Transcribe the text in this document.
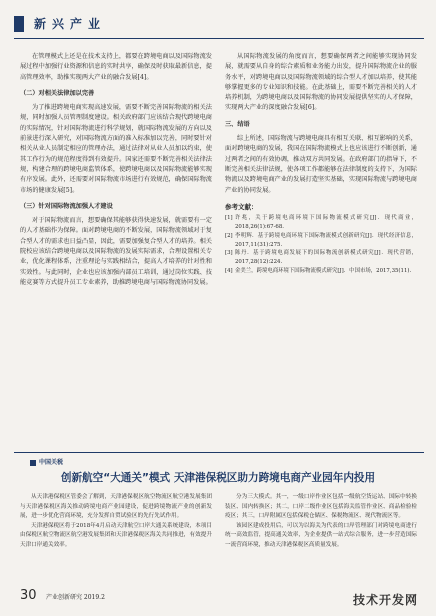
新兴产业

在管理模式上还是在技术支持上，都要在跨境电商以及国际物流发展过程中加强行业资源和信息的实时共享，确保及时获取最新信息，提高管理效率，助推实现两大产业的融合发展[4]。

（二）对相关法律加以完善

为了推进跨境电商实现高速发展，需要不断完善国际物流的相关法规，同时加强人员管理制度建设。相关政府部门应该结合现代跨境电商的实际情况，针对国际物流进行科学规划，就国际物流发展的方向以及前景进行深入研究，对国际物流方面的准入标准加以完善，同时要针对相关从业人员制定相应的管理办法，通过法律对从业人员加以约束，使其工作行为的规范程度得到有效提升。国家还需要不断完善相关法律法规，构建合理的跨境电商监管体系，使跨境电商以及国际物流能够实现有序发展。此外，还需要对国际物流市场进行有效规范，确保国际物流市场的健康发展[5]。

（三）针对国际物流加强人才建设

对于国际物流而言，想要确保其能够获得快速发展，就需要有一定的人才基础作为保障。面对跨境电商的不断发展，国际物流领域对于复合型人才的需求也日益凸显，因此，需要加强复合型人才的培养。相关院校应该结合跨境电商以及国际物流的发展实际需求，合理设置相关专业，优化课程体系，注重理论与实践相结合，提高人才培养的针对性和实效性。与此同时，企业也应该加强内部员工培训，通过岗位实践、技能竞赛等方式提升员工专业素养，助推跨境电商与国际物流协同发展。

从国际物流发展的角度而言，想要确保两者之间能够实现协同发展，就需要从自身的综合素质和业务能力出发，提升国际物流企业的服务水平，对跨境电商以及国际物流领域的综合型人才加以培养，使其能够掌握更多的专业知识和技能。在此基础上，需要不断完善相关的人才培养机制，为跨境电商以及国际物流的协同发展提供坚实的人才保障，实现两大产业的深度融合发展[6]。

三、结语

综上所述，国际物流与跨境电商具有相互关联、相互影响的关系，面对跨境电商的发展，我国在国际物流模式上也应该进行不断创新，通过两者之间的有效协调，推动双方共同发展。在政府部门的指导下，不断完善相关法律法规，使各项工作都能够在法律制度的支持下，为国际物流以及跨境电商产业的发展打造坚实基础，实现国际物流与跨境电商产业的协同发展。

参考文献：
[1] 许兆，关于跨境电商环境下国际物流模式研究[J]．现代商业，2018,26(1):67-68.
[2] 李明辉．基于跨境电商环境下国际物流模式创新研究[J]．现代经济信息，2017,11(31):275.
[3] 陈丹．基于跨境电商发展下的国际物流创新模式研究[J]．现代营销，2017,28(12):224.
[4] 金美兰，跨境电商环境下国际物流模式研究[J]．中国市场，2017,35(11).
中国关税
创新航空“大通关”模式 天津港保税区助力跨境电商产业园年内投用

从天津港保税区管委会了解到，天津港保税区航空物流区航空港发展集团与天津港保税区海关推动跨境电商产业园建设，促进跨境物流产业的创新发展，进一步优化营商环境，充分发挥自贸试验区的先行先试作用。

天津港保税区将于2018年4月启动天津航空口岸大通关系统建设，本项目由保税区航空物流区航空港发展集团和天津港保税区海关共同推进，有效提升天津口岸通关效率。

分为三大模式。其一，一级口岸作业区包括一级航空货运站、国际中转换装区、国内转换区；其二，口岸二级作业区包括海关监管作业区、商品检验检疫区；其三，口岸附属区包括保税仓储区、保税物流区、现代物流区等。

该园区建成投用后，可以为以海关为代表的口岸管理部门对跨境电商进行统一高效监管，提高通关效率，为企业提供一站式综合服务，进一步营造国际一流营商环境，推动天津港保税区高质量发展。

30 产业创新研究 2019.2	技术开发网
